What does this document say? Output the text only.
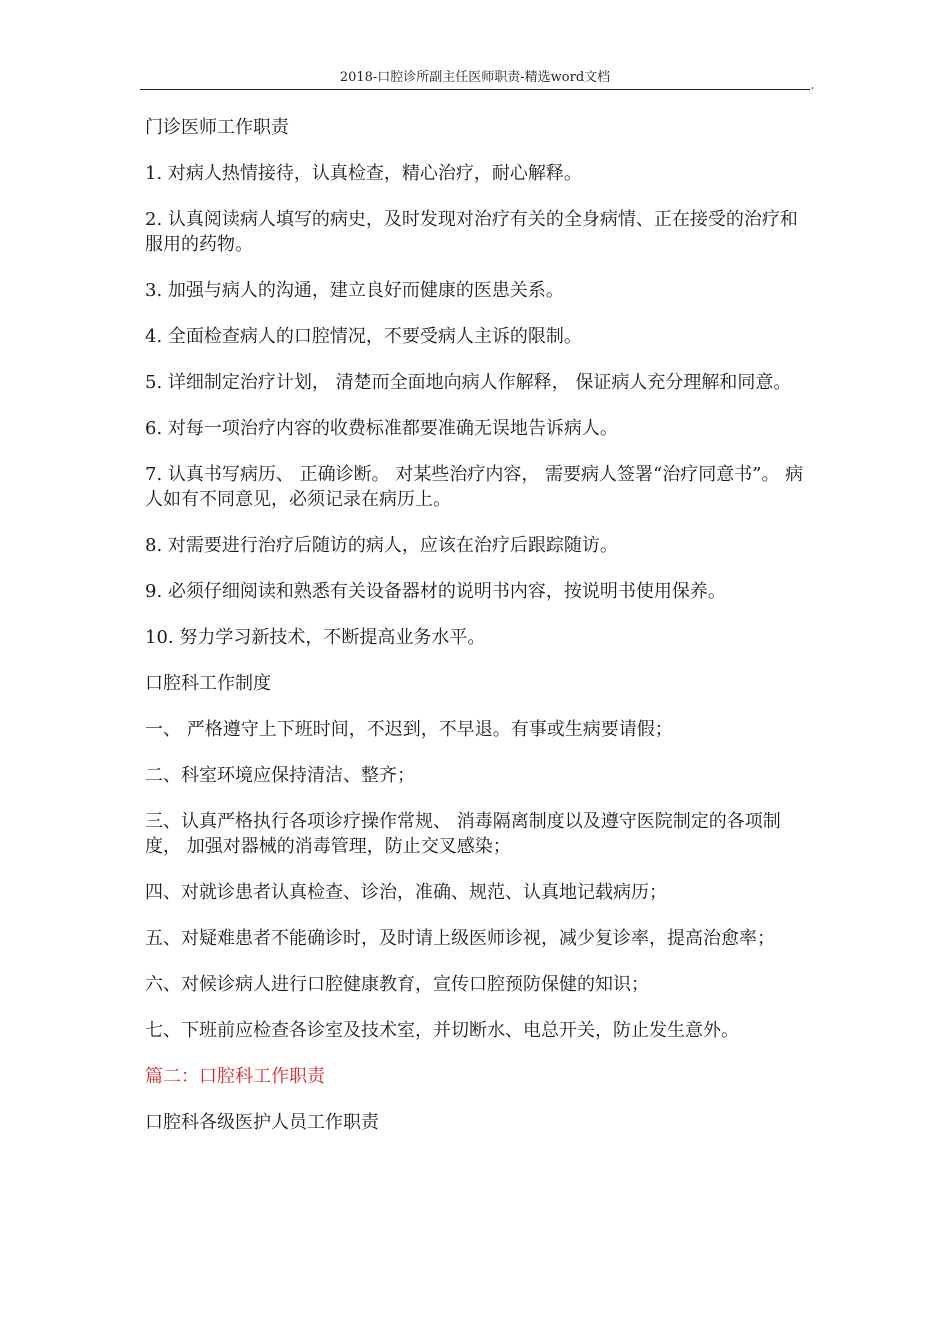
2018-口腔诊所副主任医师职责-精选word文档
,

门诊医师工作职责

1. 对病人热情接待，认真检查，精心治疗，耐心解释。

2. 认真阅读病人填写的病史，及时发现对治疗有关的全身病情、正在接受的治疗和服用的药物。

3. 加强与病人的沟通，建立良好而健康的医患关系。

4. 全面检查病人的口腔情况，不要受病人主诉的限制。

5. 详细制定治疗计划， 清楚而全面地向病人作解释， 保证病人充分理解和同意。

6. 对每一项治疗内容的收费标准都要准确无误地告诉病人。

7. 认真书写病历、 正确诊断。 对某些治疗内容， 需要病人签署“治疗同意书”。 病人如有不同意见，必须记录在病历上。

8. 对需要进行治疗后随访的病人，应该在治疗后跟踪随访。

9. 必须仔细阅读和熟悉有关设备器材的说明书内容，按说明书使用保养。

10. 努力学习新技术，不断提高业务水平。

口腔科工作制度

一、 严格遵守上下班时间，不迟到，不早退。有事或生病要请假；

二、科室环境应保持清洁、整齐；

三、认真严格执行各项诊疗操作常规、 消毒隔离制度以及遵守医院制定的各项制度， 加强对器械的消毒管理，防止交叉感染；

四、对就诊患者认真检查、诊治，准确、规范、认真地记载病历；

五、对疑难患者不能确诊时，及时请上级医师诊视，减少复诊率，提高治愈率；

六、对候诊病人进行口腔健康教育，宣传口腔预防保健的知识；

七、下班前应检查各诊室及技术室，并切断水、电总开关，防止发生意外。

篇二：口腔科工作职责

口腔科各级医护人员工作职责
